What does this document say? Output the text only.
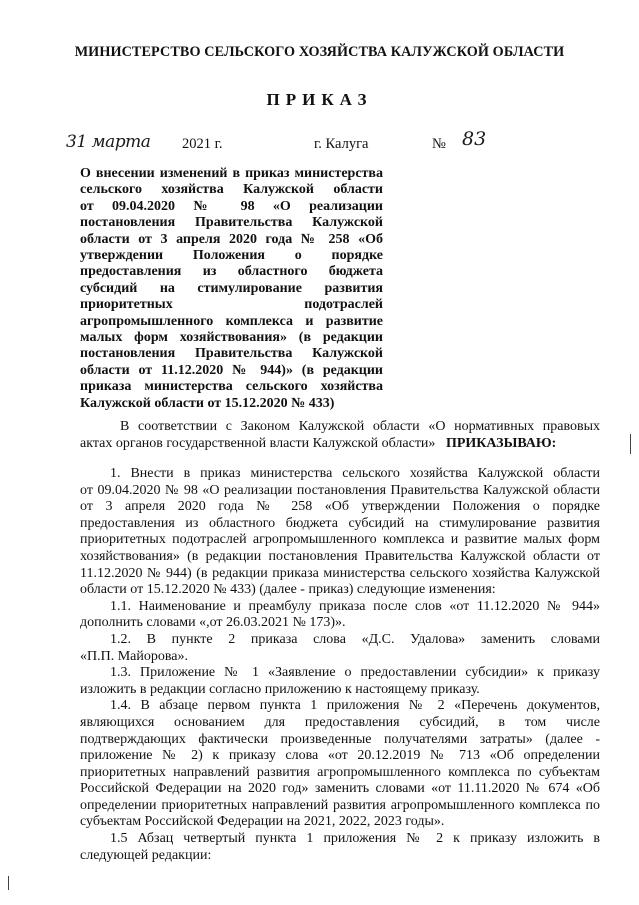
МИНИСТЕРСТВО СЕЛЬСКОГО ХОЗЯЙСТВА КАЛУЖСКОЙ ОБЛАСТИ
ПРИКАЗ
31 марта 2021 г.	г. Калуга	№ 83
О внесении изменений в приказ министерства
сельского хозяйства Калужской области
от 09.04.2020 № 98 «О реализации
постановления Правительства Калужской
области от 3 апреля 2020 года № 258 «Об
утверждении Положения о порядке
предоставления из областного бюджета
субсидий на стимулирование развития
приоритетных подотраслей
агропромышленного комплекса и развитие
малых форм хозяйствования» (в редакции
постановления Правительства Калужской
области от 11.12.2020 № 944)» (в редакции
приказа министерства сельского хозяйства
Калужской области от 15.12.2020 № 433)
В соответствии с Законом Калужской области «О нормативных правовых
актах органов государственной власти Калужской области» ПРИКАЗЫВАЮ:
1. Внести в приказ министерства сельского хозяйства Калужской области
от 09.04.2020 № 98 «О реализации постановления Правительства Калужской области
от 3 апреля 2020 года № 258 «Об утверждении Положения о порядке
предоставления из областного бюджета субсидий на стимулирование развития
приоритетных подотраслей агропромышленного комплекса и развитие малых форм
хозяйствования» (в редакции постановления Правительства Калужской области от
11.12.2020 № 944) (в редакции приказа министерства сельского хозяйства Калужской
области от 15.12.2020 № 433) (далее - приказ) следующие изменения:
1.1. Наименование и преамбулу приказа после слов «от 11.12.2020 № 944»
дополнить словами «,от 26.03.2021 № 173)».
1.2. В пункте 2 приказа слова «Д.С. Удалова» заменить словами
«П.П. Майорова».
1.3. Приложение № 1 «Заявление о предоставлении субсидии» к приказу
изложить в редакции согласно приложению к настоящему приказу.
1.4. В абзаце первом пункта 1 приложения № 2 «Перечень документов,
являющихся основанием для предоставления субсидий, в том числе
подтверждающих фактически произведенные получателями затраты» (далее -
приложение № 2) к приказу слова «от 20.12.2019 № 713 «Об определении
приоритетных направлений развития агропромышленного комплекса по субъектам
Российской Федерации на 2020 год» заменить словами «от 11.11.2020 № 674 «Об
определении приоритетных направлений развития агропромышленного комплекса по
субъектам Российской Федерации на 2021, 2022, 2023 годы».
1.5 Абзац четвертый пункта 1 приложения № 2 к приказу изложить в
следующей редакции:
